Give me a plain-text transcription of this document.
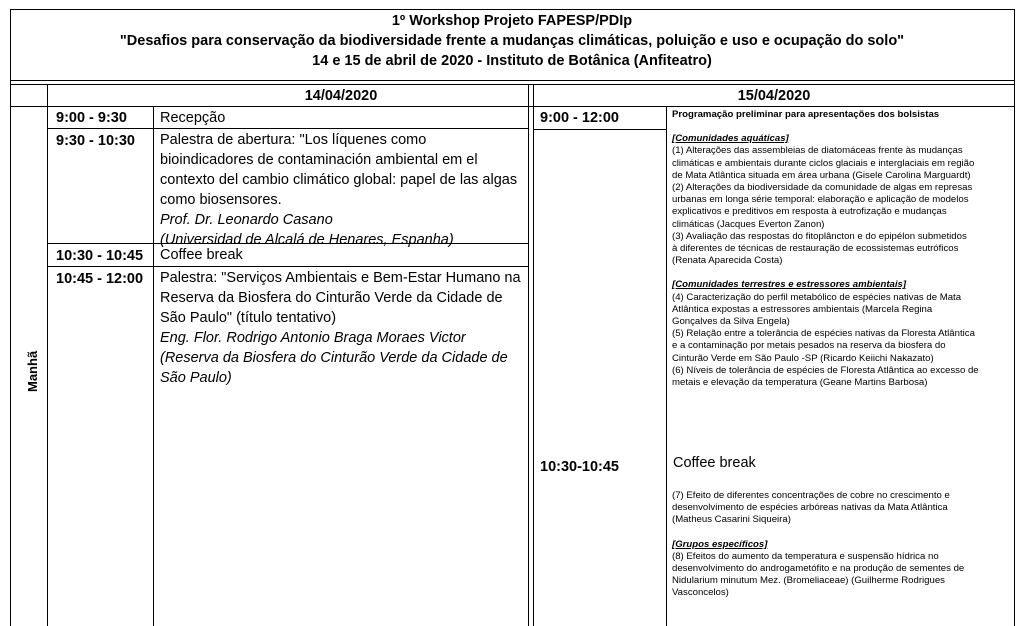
1º Workshop Projeto FAPESP/PDIp
"Desafios para conservação da biodiversidade frente a mudanças climáticas, poluição e uso e ocupação do solo"
14 e 15 de abril de 2020 - Instituto de Botânica (Anfiteatro)
14/04/2020	15/04/2020
Manhã
9:00 - 9:30 Recepção
9:30 - 10:30 Palestra de abertura: "Los líquenes como
bioindicadores de contaminación ambiental em el
contexto del cambio climático global: papel de las algas
como biosensores.
Prof. Dr. Leonardo Casano
(Universidad de Alcalá de Henares, Espanha)
10:30 - 10:45 Coffee break
10:45 - 12:00 Palestra: "Serviços Ambientais e Bem-Estar Humano na
Reserva da Biosfera do Cinturão Verde da Cidade de
São Paulo" (título tentativo)
Eng. Flor. Rodrigo Antonio Braga Moraes Victor
(Reserva da Biosfera do Cinturão Verde da Cidade de
São Paulo)
9:00 - 12:00
10:30-10:45
Programação preliminar para apresentações dos bolsistas
[Comunidades aquáticas]
(1) Alterações das assembleias de diatomáceas frente às mudanças
climáticas e ambientais durante ciclos glaciais e interglaciais em região
de Mata Atlântica situada em área urbana (Gisele Carolina Marguardt)
(2) Alterações da biodiversidade da comunidade de algas em represas
urbanas em longa série temporal: elaboração e aplicação de modelos
explicativos e preditivos em resposta à eutrofização e mudanças
climáticas (Jacques Everton Zanon)
(3) Avaliação das respostas do fitoplâncton e do epipélon submetidos
à diferentes de técnicas de restauração de ecossistemas eutróficos
(Renata Aparecida Costa)
[Comunidades terrestres e estressores ambientais]
(4) Caracterização do perfil metabólico de espécies nativas de Mata
Atlântica expostas a estressores ambientais (Marcela Regina
Gonçalves da Silva Engela)
(5) Relação entre a tolerância de espécies nativas da Floresta Atlântica
e a contaminação por metais pesados na reserva da biosfera do
Cinturão Verde em São Paulo -SP (Ricardo Keiichi Nakazato)
(6) Níveis de tolerância de espécies de Floresta Atlântica ao excesso de
metais e elevação da temperatura (Geane Martins Barbosa)
Coffee break
(7) Efeito de diferentes concentrações de cobre no crescimento e
desenvolvimento de espécies arbóreas nativas da Mata Atlântica
(Matheus Casarini Siqueira)
[Grupos específicos]
(8) Efeitos do aumento da temperatura e suspensão hídrica no
desenvolvimento do androgametófito e na produção de sementes de
Nidularium minutum Mez. (Bromeliaceae) (Guilherme Rodrigues
Vasconcelos)
